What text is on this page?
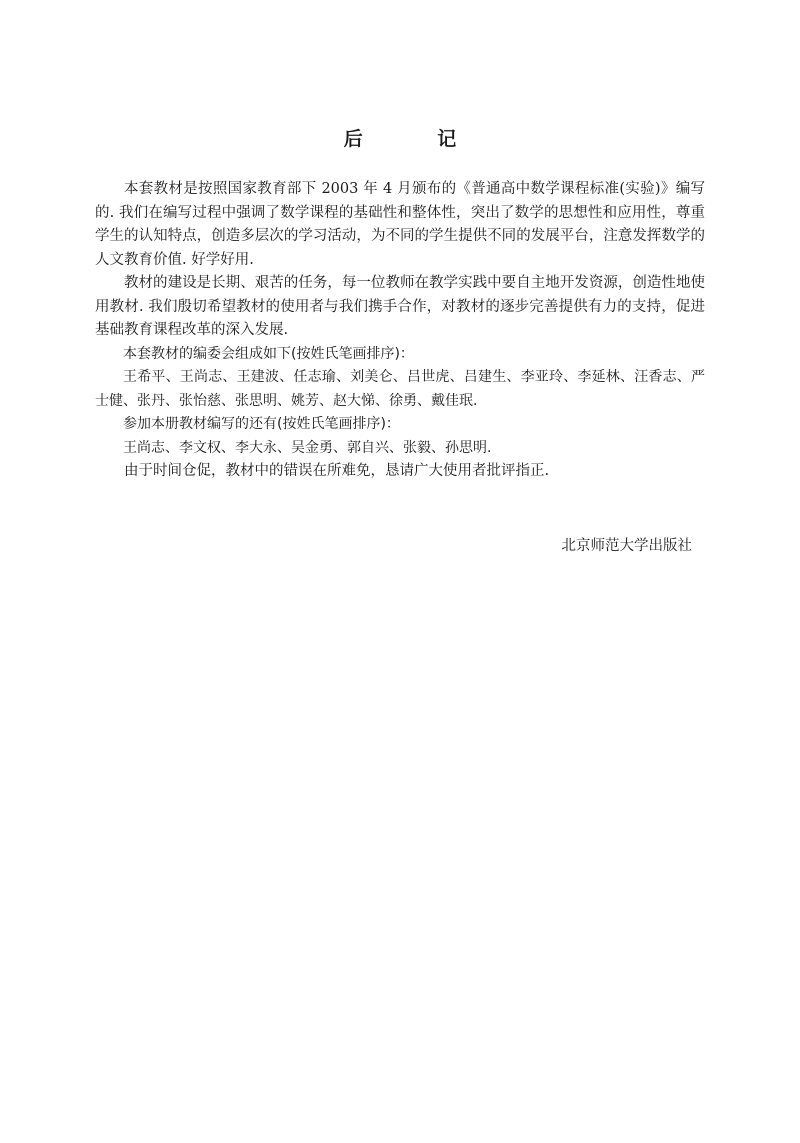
后 记

本套教材是按照国家教育部下 2003 年 4 月颁布的《普通高中数学课程标准(实验)》编写的. 我们在编写过程中强调了数学课程的基础性和整体性，突出了数学的思想性和应用性，尊重学生的认知特点，创造多层次的学习活动，为不同的学生提供不同的发展平台，注意发挥数学的人文教育价值. 好学好用.

教材的建设是长期、艰苦的任务，每一位教师在教学实践中要自主地开发资源，创造性地使用教材. 我们殷切希望教材的使用者与我们携手合作，对教材的逐步完善提供有力的支持，促进基础教育课程改革的深入发展.

本套教材的编委会组成如下(按姓氏笔画排序)：

王希平、王尚志、王建波、任志瑜、刘美仑、吕世虎、吕建生、李亚玲、李延林、汪香志、严士健、张丹、张怡慈、张思明、姚芳、赵大悌、徐勇、戴佳珉.

参加本册教材编写的还有(按姓氏笔画排序)：

王尚志、李文权、李大永、吴金勇、郭自兴、张毅、孙思明.

由于时间仓促，教材中的错误在所难免，恳请广大使用者批评指正.

北京师范大学出版社
